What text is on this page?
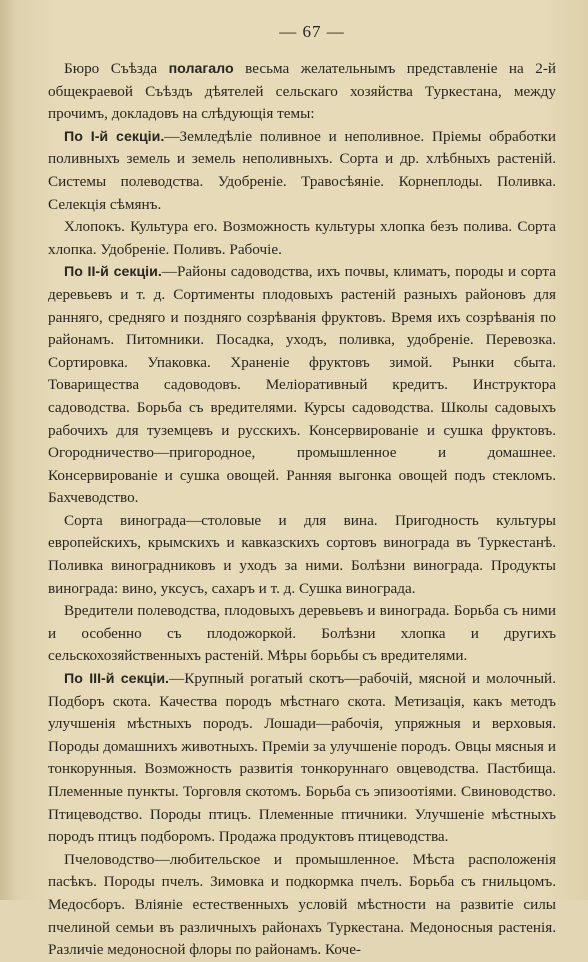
— 67 —

Бюро Съѣзда полагало весьма желательнымъ представленіе на 2-й общекраевой Съѣздъ дѣятелей сельскаго хозяйства Туркестана, между прочимъ, докладовъ на слѣдующія темы:

По I-й секціи.—Земледѣліе поливное и неполивное. Пріемы обработки поливныхъ земель и земель неполивныхъ. Сорта и др. хлѣбныхъ растеній. Системы полеводства. Удобреніе. Травосѣяніе. Корнеплоды. Поливка. Селекція сѣмянъ.

Хлопокъ. Культура его. Возможность культуры хлопка безъ полива. Сорта хлопка. Удобреніе. Поливъ. Рабочіе.

По II-й секціи.—Районы садоводства, ихъ почвы, климатъ, породы и сорта деревьевъ и т. д. Сортименты плодовыхъ растеній разныхъ районовъ для ранняго, средняго и поздняго созрѣванія фруктовъ. Время ихъ созрѣванія по районамъ. Питомники. Посадка, уходъ, поливка, удобреніе. Перевозка. Сортировка. Упаковка. Храненіе фруктовъ зимой. Рынки сбыта. Товарищества садоводовъ. Меліоративный кредитъ. Инструктора садоводства. Борьба съ вредителями. Курсы садоводства. Школы садовыхъ рабочихъ для туземцевъ и русскихъ. Консервированіе и сушка фруктовъ. Огородничество—пригородное, промышленное и домашнее. Консервированіе и сушка овощей. Ранняя выгонка овощей подъ стекломъ. Бахчеводство.

Сорта винограда—столовые и для вина. Пригодность культуры европейскихъ, крымскихъ и кавказскихъ сортовъ винограда въ Туркестанѣ. Поливка виноградниковъ и уходъ за ними. Болѣзни винограда. Продукты винограда: вино, уксусъ, сахаръ и т. д. Сушка винограда.

Вредители полеводства, плодовыхъ деревьевъ и винограда. Борьба съ ними и особенно съ плодожоркой. Болѣзни хлопка и другихъ сельскохозяйственныхъ растеній. Мѣры борьбы съ вредителями.

По III-й секціи.—Крупный рогатый скотъ—рабочій, мясной и молочный. Подборъ скота. Качества породъ мѣстнаго скота. Метизація, какъ методъ улучшенія мѣстныхъ породъ. Лошади—рабочія, упряжныя и верховыя. Породы домашнихъ животныхъ. Преміи за улучшеніе породъ. Овцы мясныя и тонкорунныя. Возможность развитія тонкоруннаго овцеводства. Пастбища. Племенные пункты. Торговля скотомъ. Борьба съ эпизоотіями. Свиноводство. Птицеводство. Породы птицъ. Племенные птичники. Улучшеніе мѣстныхъ породъ птицъ подборомъ. Продажа продуктовъ птицеводства.

Пчеловодство—любительское и промышленное. Мѣста расположенія пасѣкъ. Породы пчелъ. Зимовка и подкормка пчелъ. Борьба съ гнильцомъ. Медосборъ. Вліяніе естественныхъ условій мѣстности на развитіе силы пчелиной семьи въ различныхъ районахъ Туркестана. Медоносныя растенія. Различіе медоносной флоры по районамъ. Коче-
